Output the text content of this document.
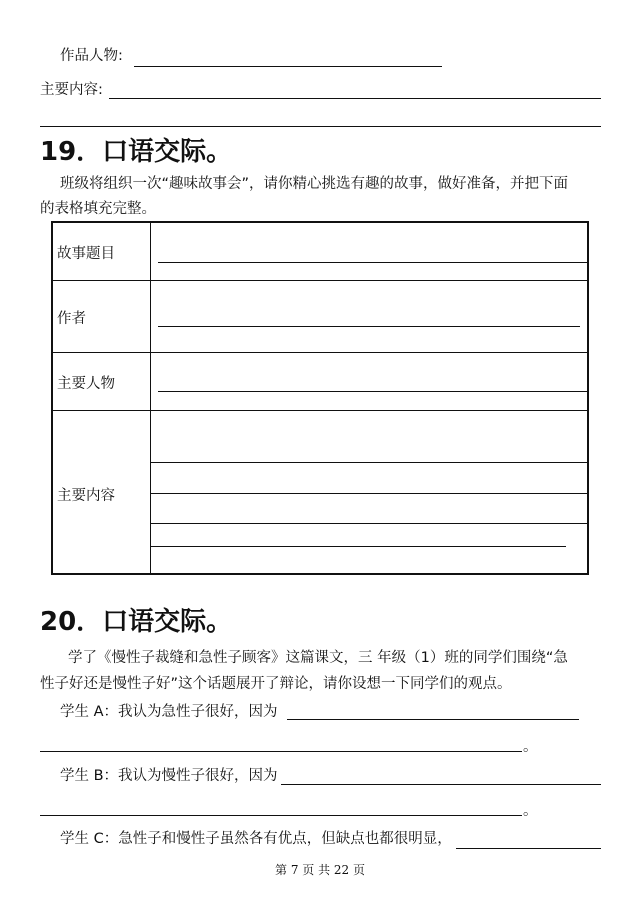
作品人物:
主要内容:
19．口语交际。
班级将组织一次“趣味故事会”，请你精心挑选有趣的故事，做好准备，并把下面
的表格填充完整。
故事题目
作者
主要人物
主要内容
20．口语交际。
学了《慢性子裁缝和急性子顾客》这篇课文，三 年级（1）班的同学们围绕“急
性子好还是慢性子好”这个话题展开了辩论，请你设想一下同学们的观点。
学生 A：我认为急性子很好，因为
。
学生 B：我认为慢性子很好，因为
。
学生 C：急性子和慢性子虽然各有优点，但缺点也都很明显，
第 7 页 共 22 页
